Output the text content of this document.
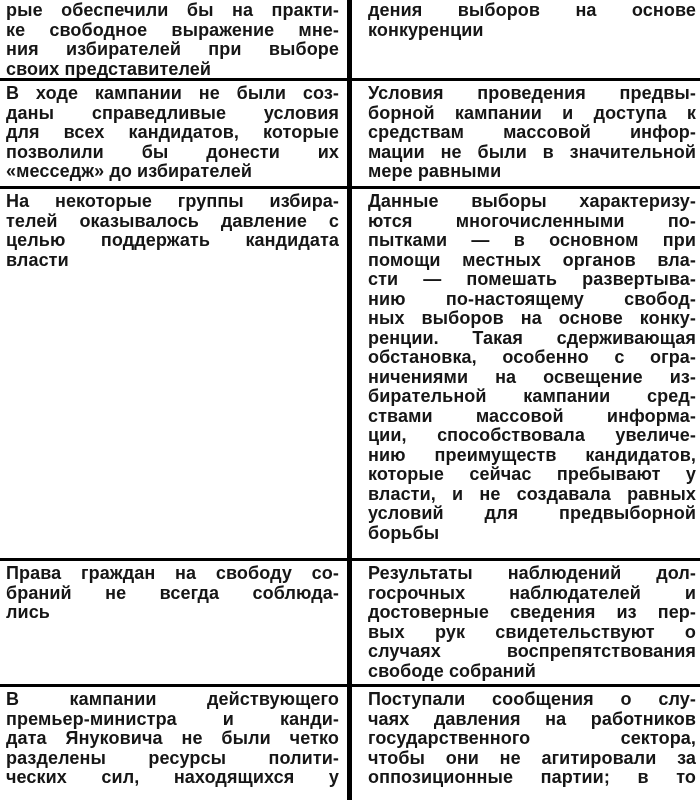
рые обеспечили бы на практи-
ке свободное выражение мне-
ния избирателей при выборе
своих представителей
дения выборов на основе
конкуренции
В ходе кампании не были соз-
даны справедливые условия
для всех кандидатов, которые
позволили бы донести их
«месседж» до избирателей
Условия проведения предвы-
борной кампании и доступа к
средствам массовой инфор-
мации не были в значительной
мере равными
На некоторые группы избира-
телей оказывалось давление с
целью поддержать кандидата
власти
Данные выборы характеризу-
ются многочисленными по-
пытками — в основном при
помощи местных органов вла-
сти — помешать развертыва-
нию по-настоящему свобод-
ных выборов на основе конку-
ренции. Такая сдерживающая
обстановка, особенно с огра-
ничениями на освещение из-
бирательной кампании сред-
ствами массовой информа-
ции, способствовала увеличе-
нию преимуществ кандидатов,
которые сейчас пребывают у
власти, и не создавала равных
условий для предвыборной
борьбы
Права граждан на свободу со-
браний не всегда соблюда-
лись
Результаты наблюдений дол-
госрочных наблюдателей и
достоверные сведения из пер-
вых рук свидетельствуют о
случаях воспрепятствования
свободе собраний
В кампании действующего
премьер-министра и канди-
дата Януковича не были четко
разделены ресурсы полити-
ческих сил, находящихся у
Поступали сообщения о слу-
чаях давления на работников
государственного сектора,
чтобы они не агитировали за
оппозиционные партии; в то
